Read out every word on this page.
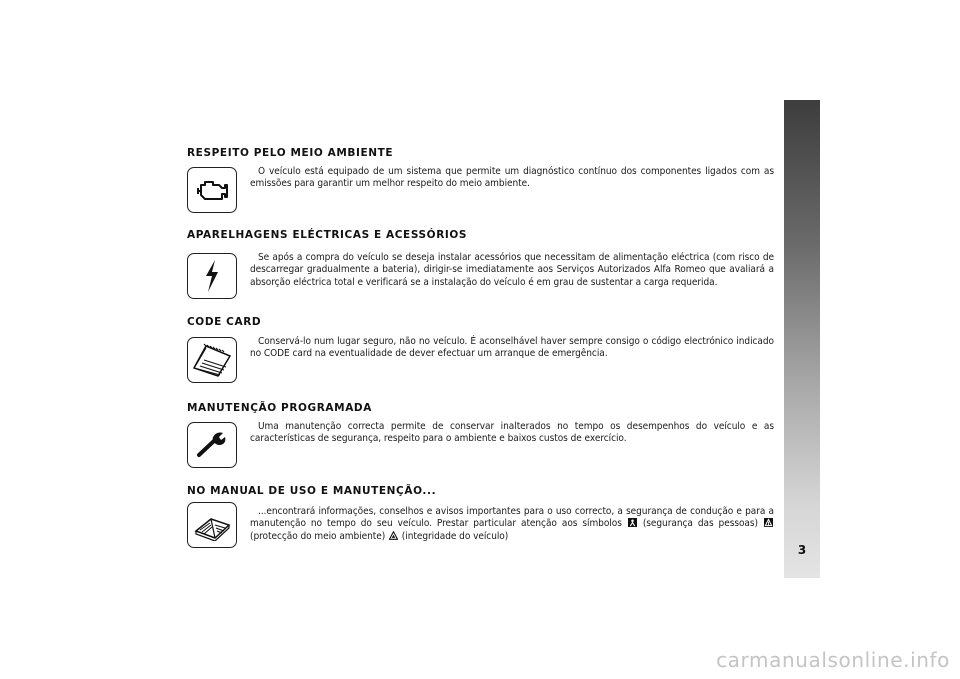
RESPEITO PELO MEIO AMBIENTE
O veículo está equipado de um sistema que permite um diagnóstico contínuo dos componentes ligados com as emissões para garantir um melhor respeito do meio ambiente.
APARELHAGENS ELÉCTRICAS E ACESSÓRIOS
Se após a compra do veículo se deseja instalar acessórios que necessitam de alimentação eléctrica (com risco de descarregar gradualmente a bateria), dirigir-se imediatamente aos Serviços Autorizados Alfa Romeo que avaliará a absorção eléctrica total e verificará se a instalação do veículo é em grau de sustentar a carga requerida.
CODE CARD
Conservá-lo num lugar seguro, não no veículo. É aconselhável haver sempre consigo o código electrónico indicado no CODE card na eventualidade de dever efectuar um arranque de emergência.
MANUTENÇÃO PROGRAMADA
Uma manutenção correcta permite de conservar inalterados no tempo os desempenhos do veículo e as características de segurança, respeito para o ambiente e baixos custos de exercício.
NO MANUAL DE USO E MANUTENÇÃO...
...encontrará informações, conselhos e avisos importantes para o uso correcto, a segurança de condução e para a manutenção no tempo do seu veículo. Prestar particular atenção aos símbolos (segurança das pessoas)  (protecção do meio ambiente) (integridade do veículo)
3
carmanualsonline.info
